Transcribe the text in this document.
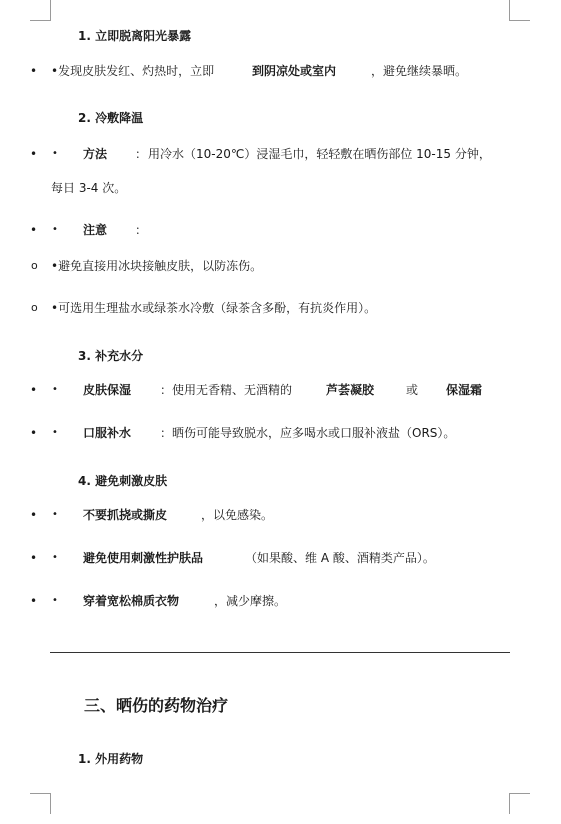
1. 立即脱离阳光暴露
• •发现皮肤发红、灼热时，立即	到阴凉处或室内	，避免继续暴晒。
2. 冷敷降温
• • 方法 ： 用冷水（10-20℃）浸湿毛巾，轻轻敷在晒伤部位 10-15 分钟，
每日 3-4 次。
• • 注意 ：
o •避免直接用冰块接触皮肤，以防冻伤。
o •可选用生理盐水或绿茶水冷敷（绿茶含多酚，有抗炎作用）。
3. 补充水分
• • 皮肤保湿 ：使用无香精、无酒精的	芦荟凝胶	或 保湿霜
• • 口服补水 ：晒伤可能导致脱水，应多喝水或口服补液盐（ORS）。
4. 避免刺激皮肤
• • 不要抓挠或撕皮	，以免感染。
• • 避免使用刺激性护肤品	（如果酸、维 A 酸、酒精类产品）。
• • 穿着宽松棉质衣物	，减少摩擦。
三、晒伤的药物治疗
1. 外用药物
